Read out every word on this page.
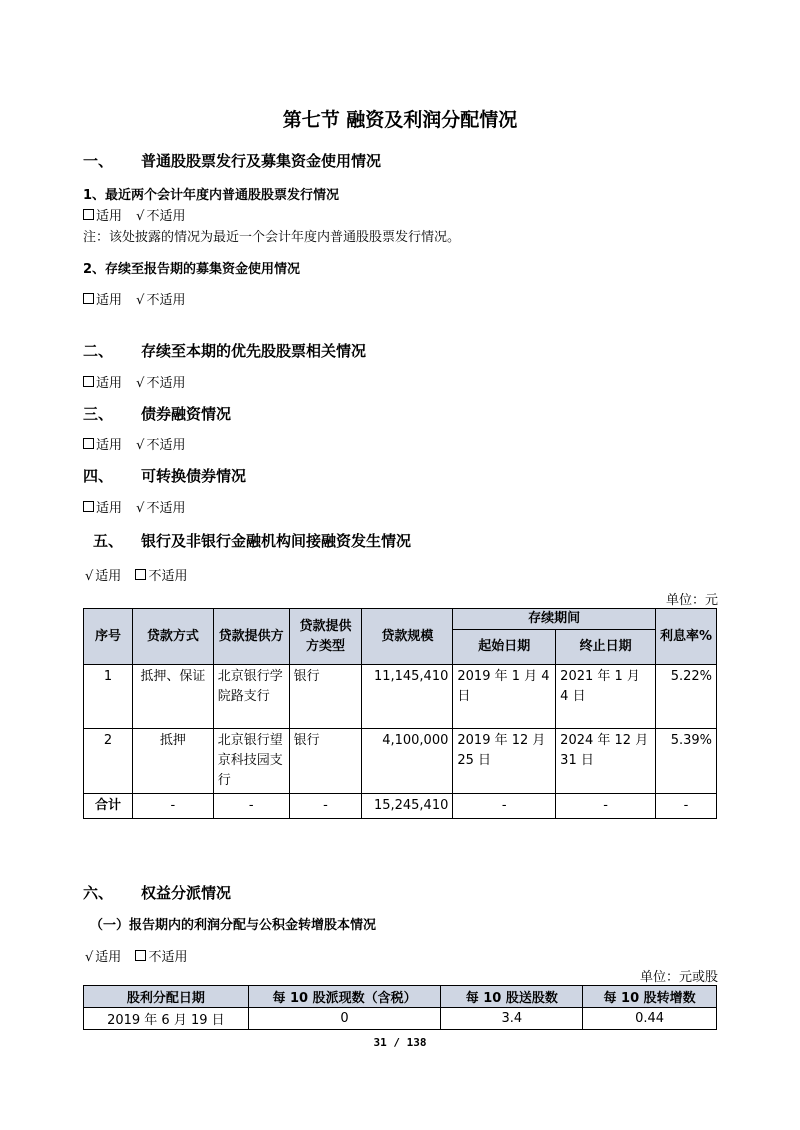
第七节 融资及利润分配情况
一、 普通股股票发行及募集资金使用情况
1、最近两个会计年度内普通股股票发行情况
适用 √ 不适用
注：该处披露的情况为最近一个会计年度内普通股股票发行情况。
2、存续至报告期的募集资金使用情况
适用 √ 不适用
二、 存续至本期的优先股股票相关情况
适用 √ 不适用
三、 债券融资情况
适用 √ 不适用
四、 可转换债券情况
适用 √ 不适用
五、 银行及非银行金融机构间接融资发生情况
√ 适用 不适用
单位：元
序号	贷款方式	贷款提供方	贷款提供方类型	贷款规模	存续期间		利息率%
					起始日期	终止日期	
1	抵押、保证	北京银行学院路支行	银行	11,145,410	2019 年 1 月 4 日	2021 年 1 月 4 日	5.22%
2	抵押	北京银行望京科技园支行	银行	4,100,000	2019 年 12 月 25 日	2024 年 12 月 31 日	5.39%
合计	-	-	-	15,245,410	-	-	-
六、 权益分派情况
（一）报告期内的利润分配与公积金转增股本情况
√ 适用 不适用
单位：元或股
股利分配日期	每 10 股派现数（含税）	每 10 股送股数	每 10 股转增数
2019 年 6 月 19 日	0	3.4	0.44
31 / 138
